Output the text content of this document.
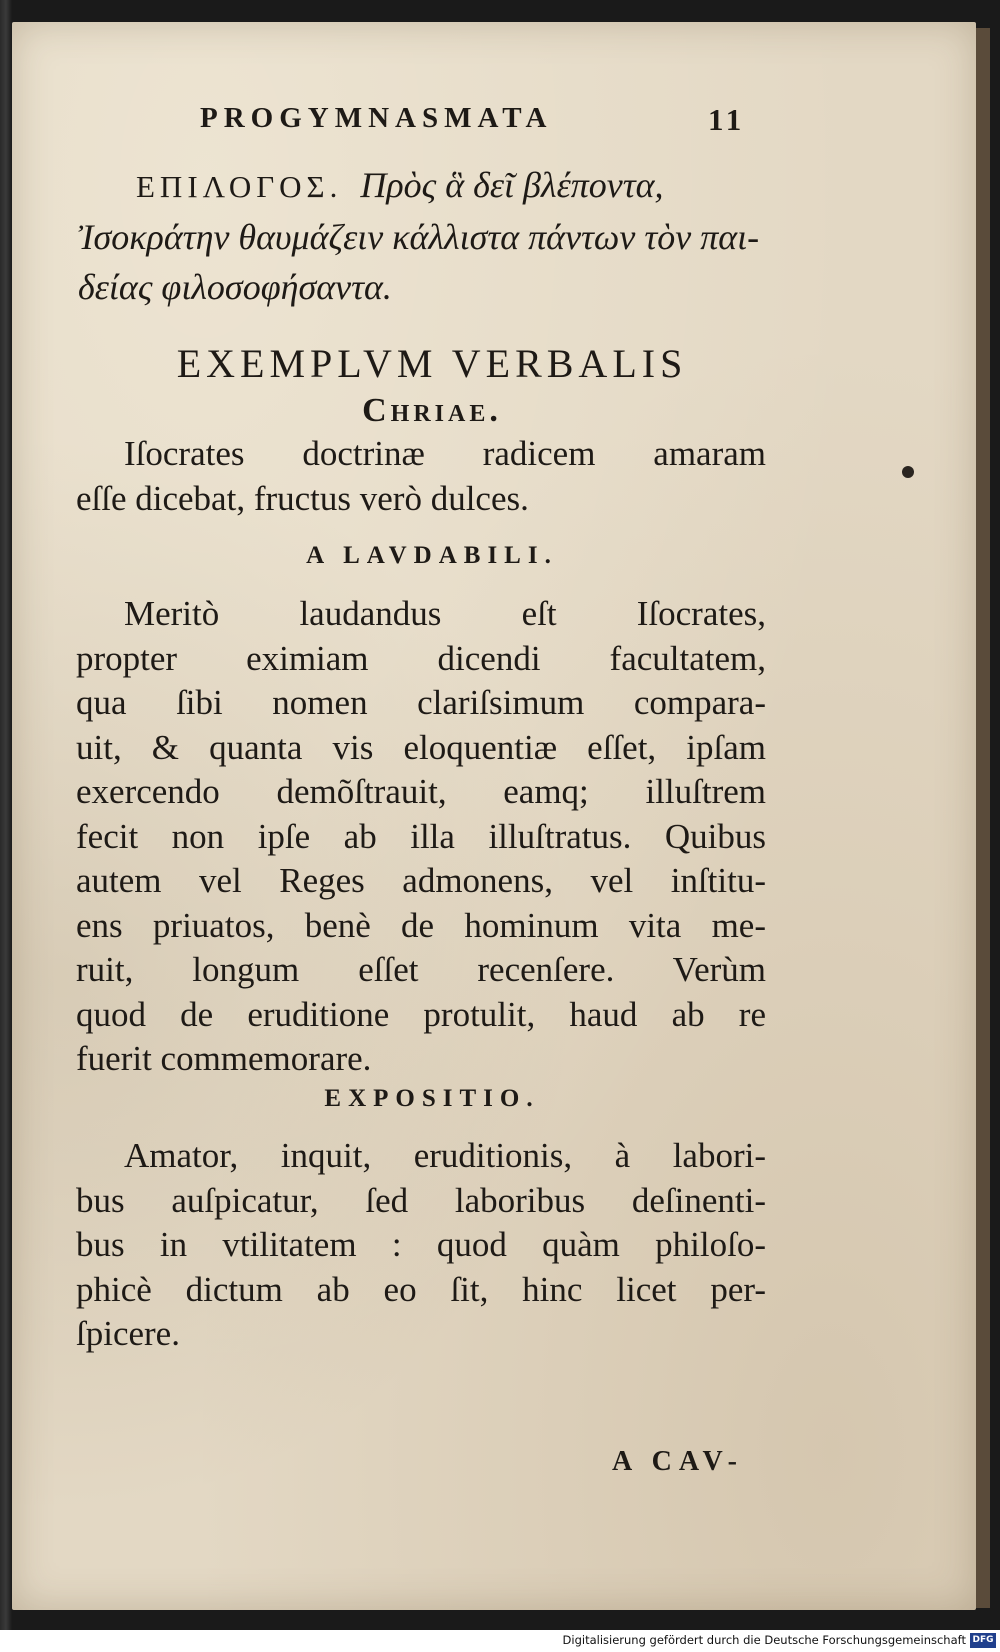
PROGYMNASMATA	11
EΠΙΛΟΓΟΣ. Πρὸς ἃ δεῖ βλέποντα,
Ἰσοκράτην θαυμάζειν κάλλιστα πάντων τὸν παι-
δείας φιλοσοφήσαντα.
EXEMPLVM VERBALIS
Chriae.
Iſocrates doctrinæ radicem amaram
eſſe dicebat, fructus verò dulces.
A LAVDABILI.
Meritò laudandus eſt Iſocrates,
propter eximiam dicendi facultatem,
qua ſibi nomen clariſsimum compara-
uit, & quanta vis eloquentiæ eſſet, ipſam
exercendo demõſtrauit, eamq; illuſtrem
fecit non ipſe ab illa illuſtratus. Quibus
autem vel Reges admonens, vel inſtitu-
ens priuatos, benè de hominum vita me-
ruit, longum eſſet recenſere. Verùm
quod de eruditione protulit, haud ab re
fuerit commemorare.
EXPOSITIO.
Amator, inquit, eruditionis, à labori-
bus auſpicatur, ſed laboribus deſinenti-
bus in vtilitatem : quod quàm philoſo-
phicè dictum ab eo ſit, hinc licet per-
ſpicere.
A CAV-
Digitalisierung gefördert durch die Deutsche Forschungsgemeinschaft DFG
